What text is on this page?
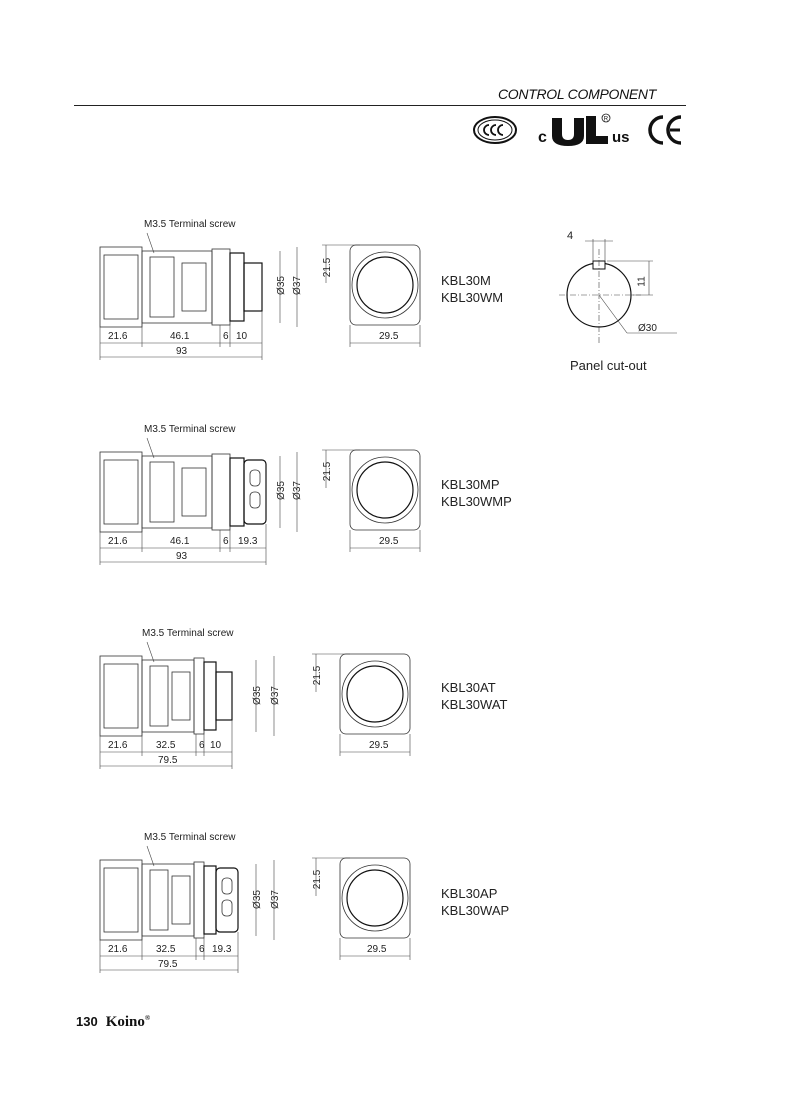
CONTROL COMPONENT
c
R
us
4
11
Ø30
Panel cut-out
M3.5 Terminal screw
21.6	46.1	6 10
93
Ø35 Ø37
21.5
29.5
KBL30M
KBL30WM
M3.5 Terminal screw
21.6	46.1	6 19.3
93
Ø35 Ø37
21.5
29.5
KBL30MP
KBL30WMP
M3.5 Terminal screw
21.6	32.5 6 10
79.5
Ø35 Ø37
21.5
29.5
KBL30AT
KBL30WAT
M3.5 Terminal screw
21.6	32.5 6 19.3
79.5
Ø35 Ø37
21.5
29.5
KBL30AP
KBL30WAP
130 Koino®
